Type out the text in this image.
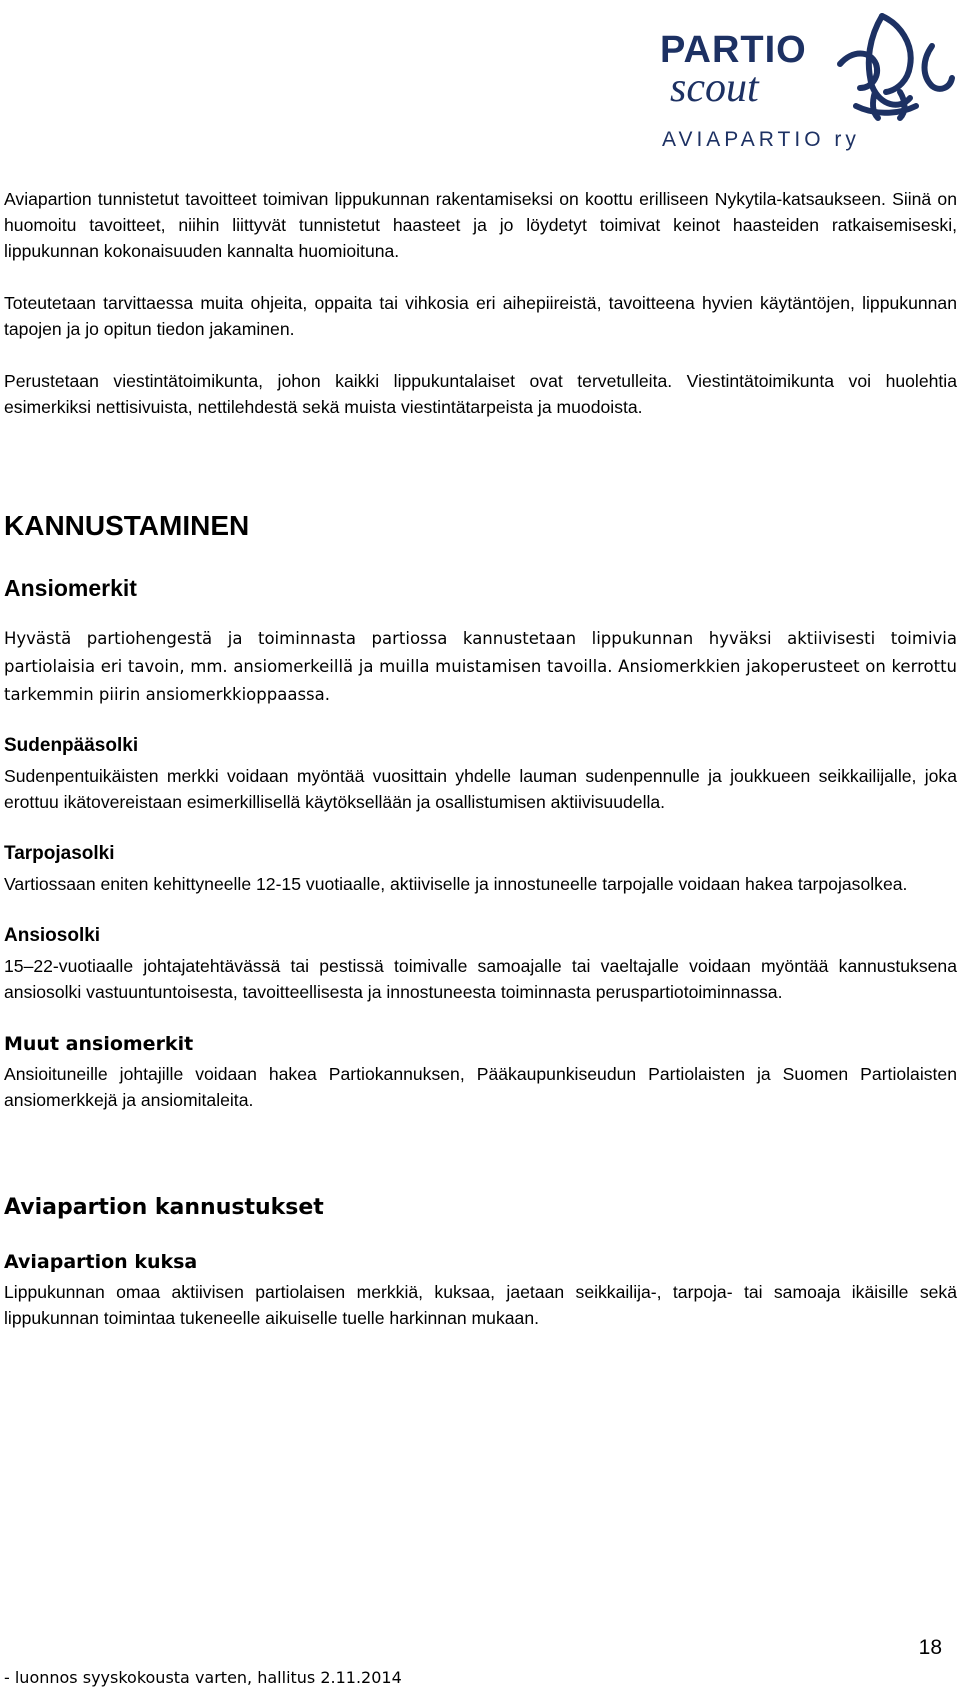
PARTIO
scout
AVIAPARTIO ry

Aviapartion tunnistetut tavoitteet toimivan lippukunnan rakentamiseksi on koottu erilliseen Nykytila-katsaukseen. Siinä on huomoitu tavoitteet, niihin liittyvät tunnistetut haasteet ja jo löydetyt toimivat keinot haasteiden ratkaisemiseski, lippukunnan kokonaisuuden kannalta huomioituna.

Toteutetaan tarvittaessa muita ohjeita, oppaita tai vihkosia eri aihepiireistä, tavoitteena hyvien käytäntöjen, lippukunnan tapojen ja jo opitun tiedon jakaminen.

Perustetaan viestintätoimikunta, johon kaikki lippukuntalaiset ovat tervetulleita. Viestintätoimikunta voi huolehtia esimerkiksi nettisivuista, nettilehdestä sekä muista viestintätarpeista ja muodoista.

KANNUSTAMINEN
Ansiomerkit

Hyvästä partiohengestä ja toiminnasta partiossa kannustetaan lippukunnan hyväksi aktiivisesti toimivia partiolaisia eri tavoin, mm. ansiomerkeillä ja muilla muistamisen tavoilla. Ansiomerkkien jakoperusteet on kerrottu tarkemmin piirin ansiomerkkioppaassa.

Sudenpääsolki

Sudenpentuikäisten merkki voidaan myöntää vuosittain yhdelle lauman sudenpennulle ja joukkueen seikkailijalle, joka erottuu ikätovereistaan esimerkillisellä käytöksellään ja osallistumisen aktiivisuudella.

Tarpojasolki

Vartiossaan eniten kehittyneelle 12-15 vuotiaalle, aktiiviselle ja innostuneelle tarpojalle voidaan hakea tarpojasolkea.

Ansiosolki

15–22-vuotiaalle johtajatehtävässä tai pestissä toimivalle samoajalle tai vaeltajalle voidaan myöntää kannustuksena ansiosolki vastuuntuntoisesta, tavoitteellisesta ja innostuneesta toiminnasta peruspartiotoiminnassa.

Muut ansiomerkit

Ansioituneille johtajille voidaan hakea Partiokannuksen, Pääkaupunkiseudun Partiolaisten ja Suomen Partiolaisten ansiomerkkejä ja ansiomitaleita.

Aviapartion kannustukset
Aviapartion kuksa

Lippukunnan omaa aktiivisen partiolaisen merkkiä, kuksaa, jaetaan seikkailija-, tarpoja- tai samoaja ikäisille sekä lippukunnan toimintaa tukeneelle aikuiselle tuelle harkinnan mukaan.

18
- luonnos syyskokousta varten, hallitus 2.11.2014
